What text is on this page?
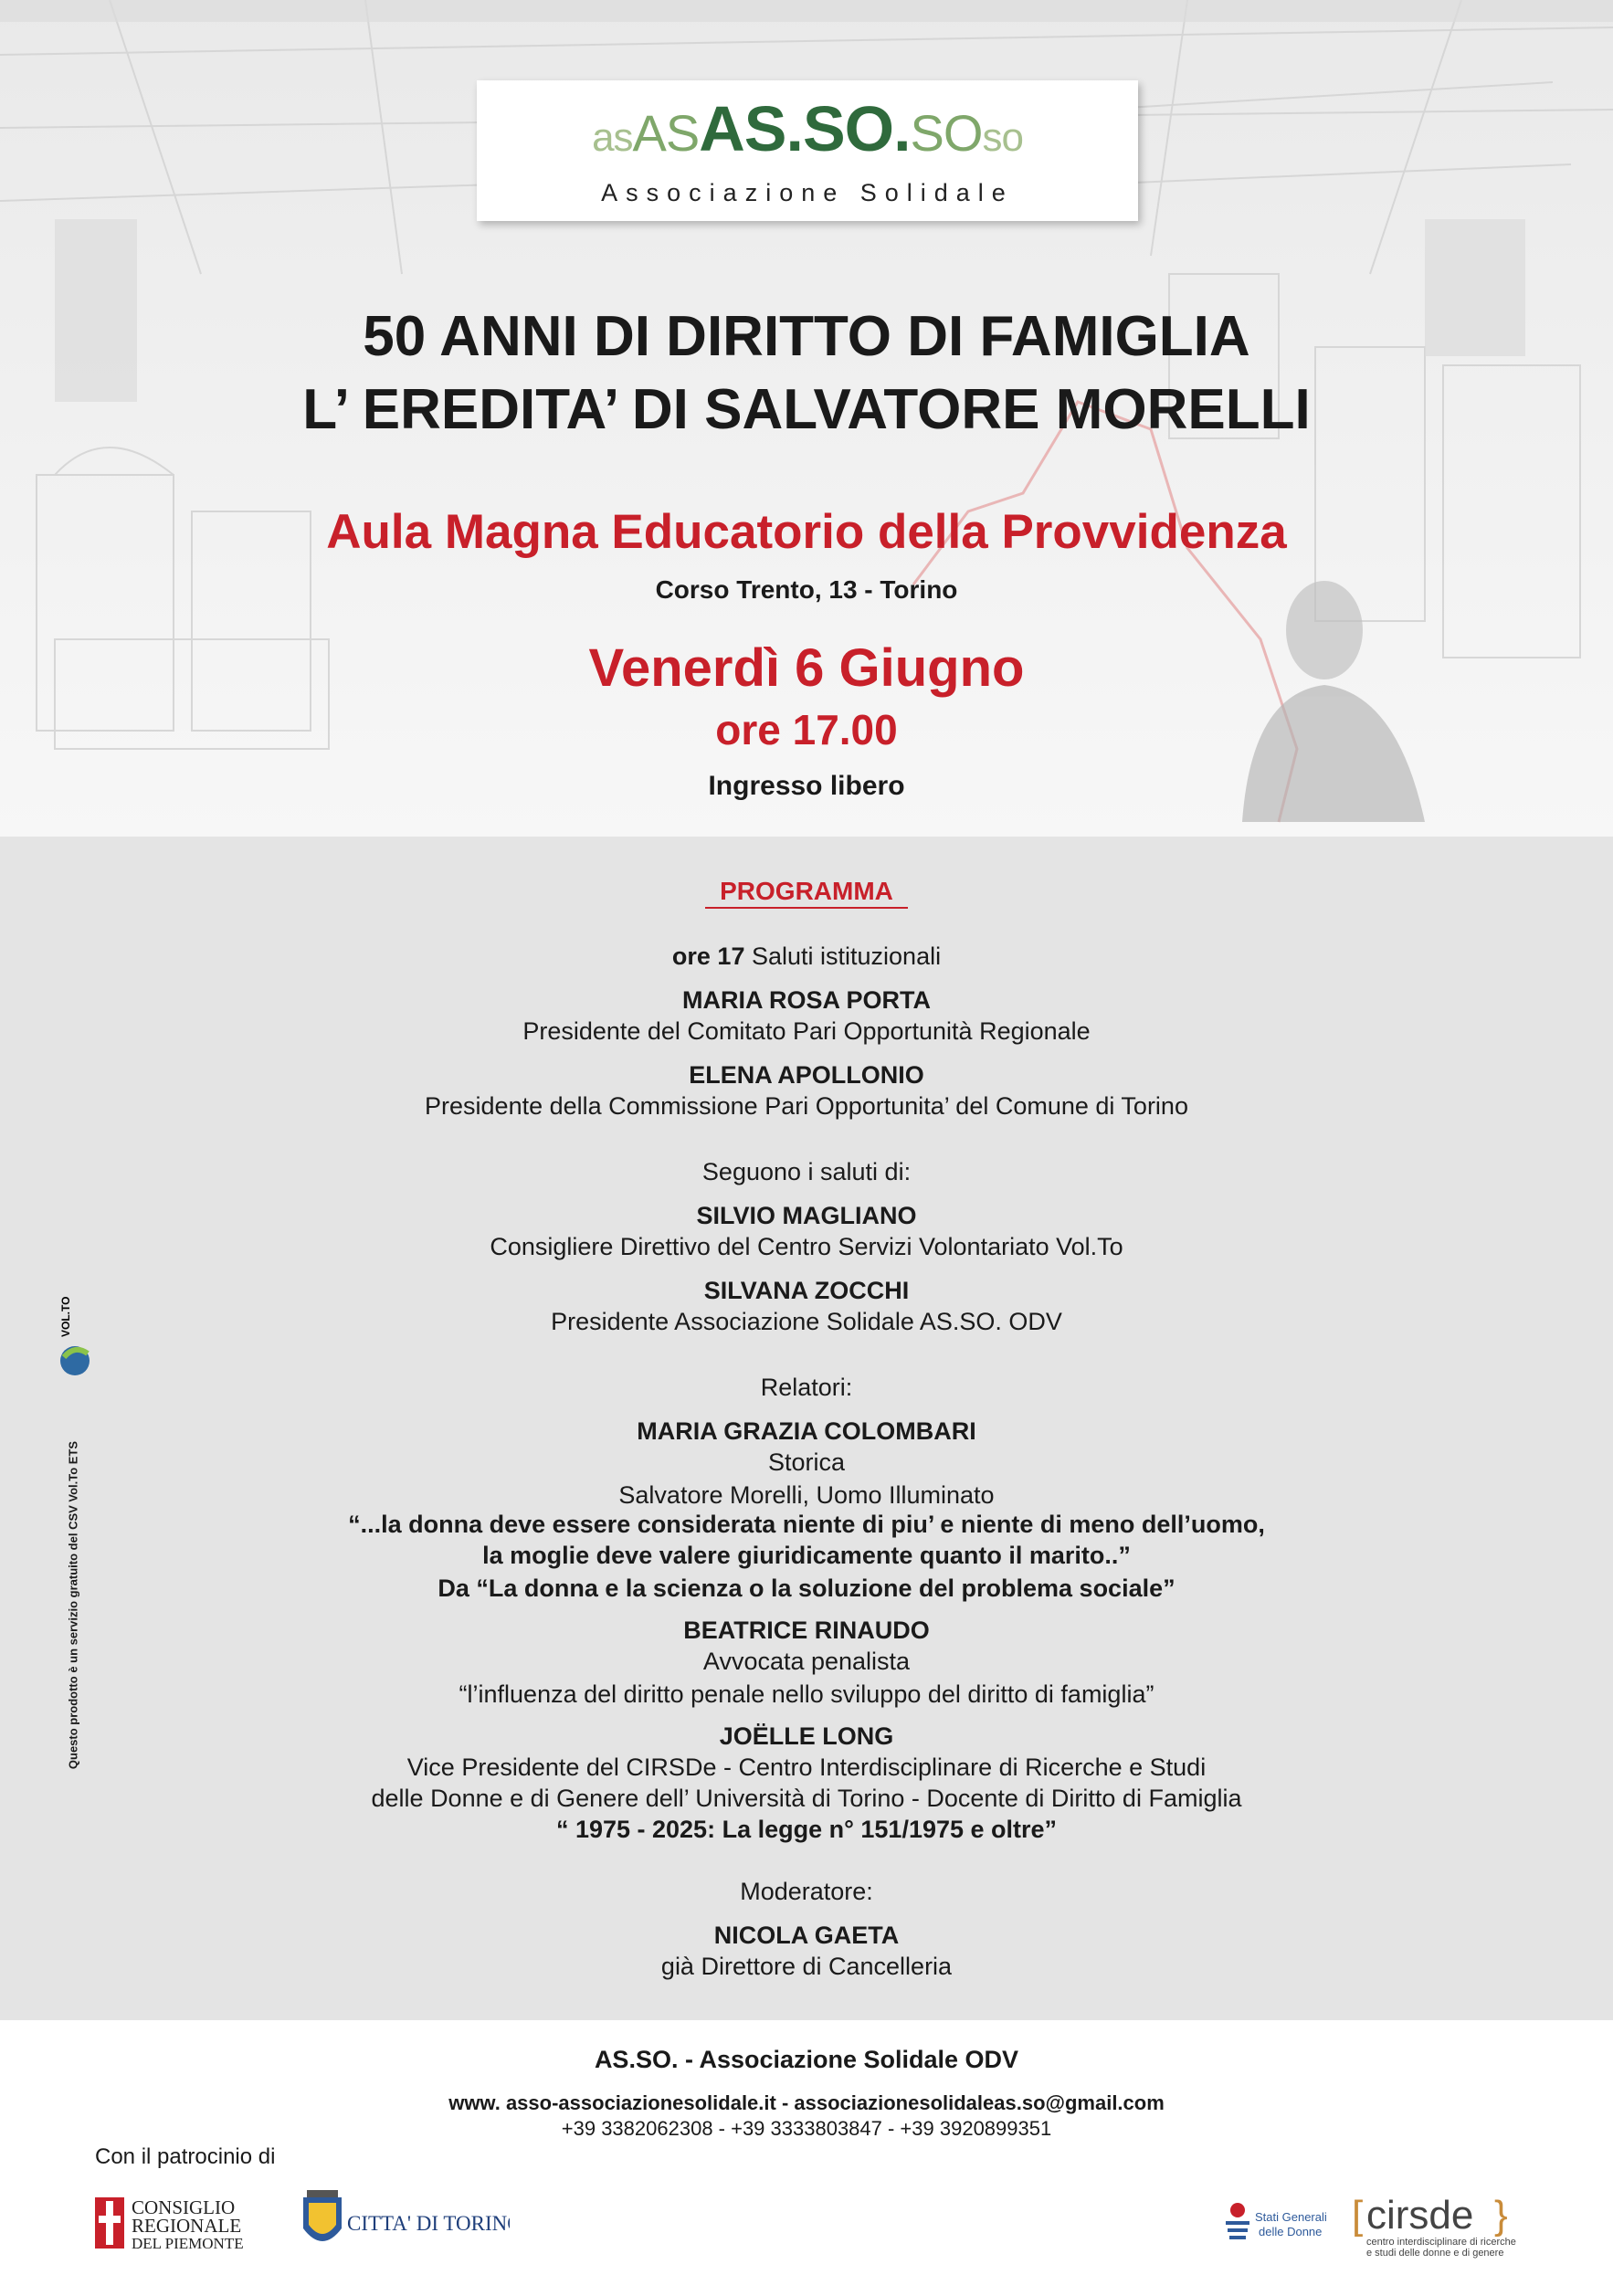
asASAS.SO.SOso
Associazione Solidale
50 ANNI DI DIRITTO DI FAMIGLIA
L’ EREDITA’ DI SALVATORE MORELLI
Aula Magna Educatorio della Provvidenza
Corso Trento, 13 - Torino
Venerdì 6 Giugno
ore 17.00
Ingresso libero
PROGRAMMA
ore 17 Saluti istituzionali
MARIA ROSA PORTA
Presidente del Comitato Pari Opportunità Regionale
ELENA APOLLONIO
Presidente della Commissione Pari Opportunita’ del Comune di Torino
Seguono i saluti di:
SILVIO MAGLIANO
Consigliere Direttivo del Centro Servizi Volontariato Vol.To
SILVANA ZOCCHI
Presidente Associazione Solidale AS.SO. ODV
Relatori:
MARIA GRAZIA COLOMBARI
Storica
Salvatore Morelli, Uomo Illuminato
“...la donna deve essere considerata niente di piu’ e niente di meno dell’uomo,
la moglie deve valere giuridicamente quanto il marito..”
Da “La donna e la scienza o la soluzione del problema sociale”
BEATRICE RINAUDO
Avvocata penalista
“l’influenza del diritto penale nello sviluppo del diritto di famiglia”
JOËLLE LONG
Vice Presidente del CIRSDe - Centro Interdisciplinare di Ricerche e Studi
delle Donne e di Genere dell’ Università di Torino - Docente di Diritto di Famiglia
“ 1975 - 2025: La legge n° 151/1975 e oltre”
Moderatore:
NICOLA GAETA
già Direttore di Cancelleria
VOL.TO
Questo prodotto è un servizio gratuito del CSV Vol.To ETS
AS.SO. - Associazione Solidale ODV
www. asso-associazionesolidale.it - associazionesolidaleas.so@gmail.com
+39 3382062308 - +39 3333803847 - +39 3920899351
Con il patrocinio di
CONSIGLIO
REGIONALE
DEL PIEMONTE
CITTA' DI TORINO	Stati Generali
delle Donne [ cirsde }
centro interdisciplinare di ricerche
e studi delle donne e di genere
